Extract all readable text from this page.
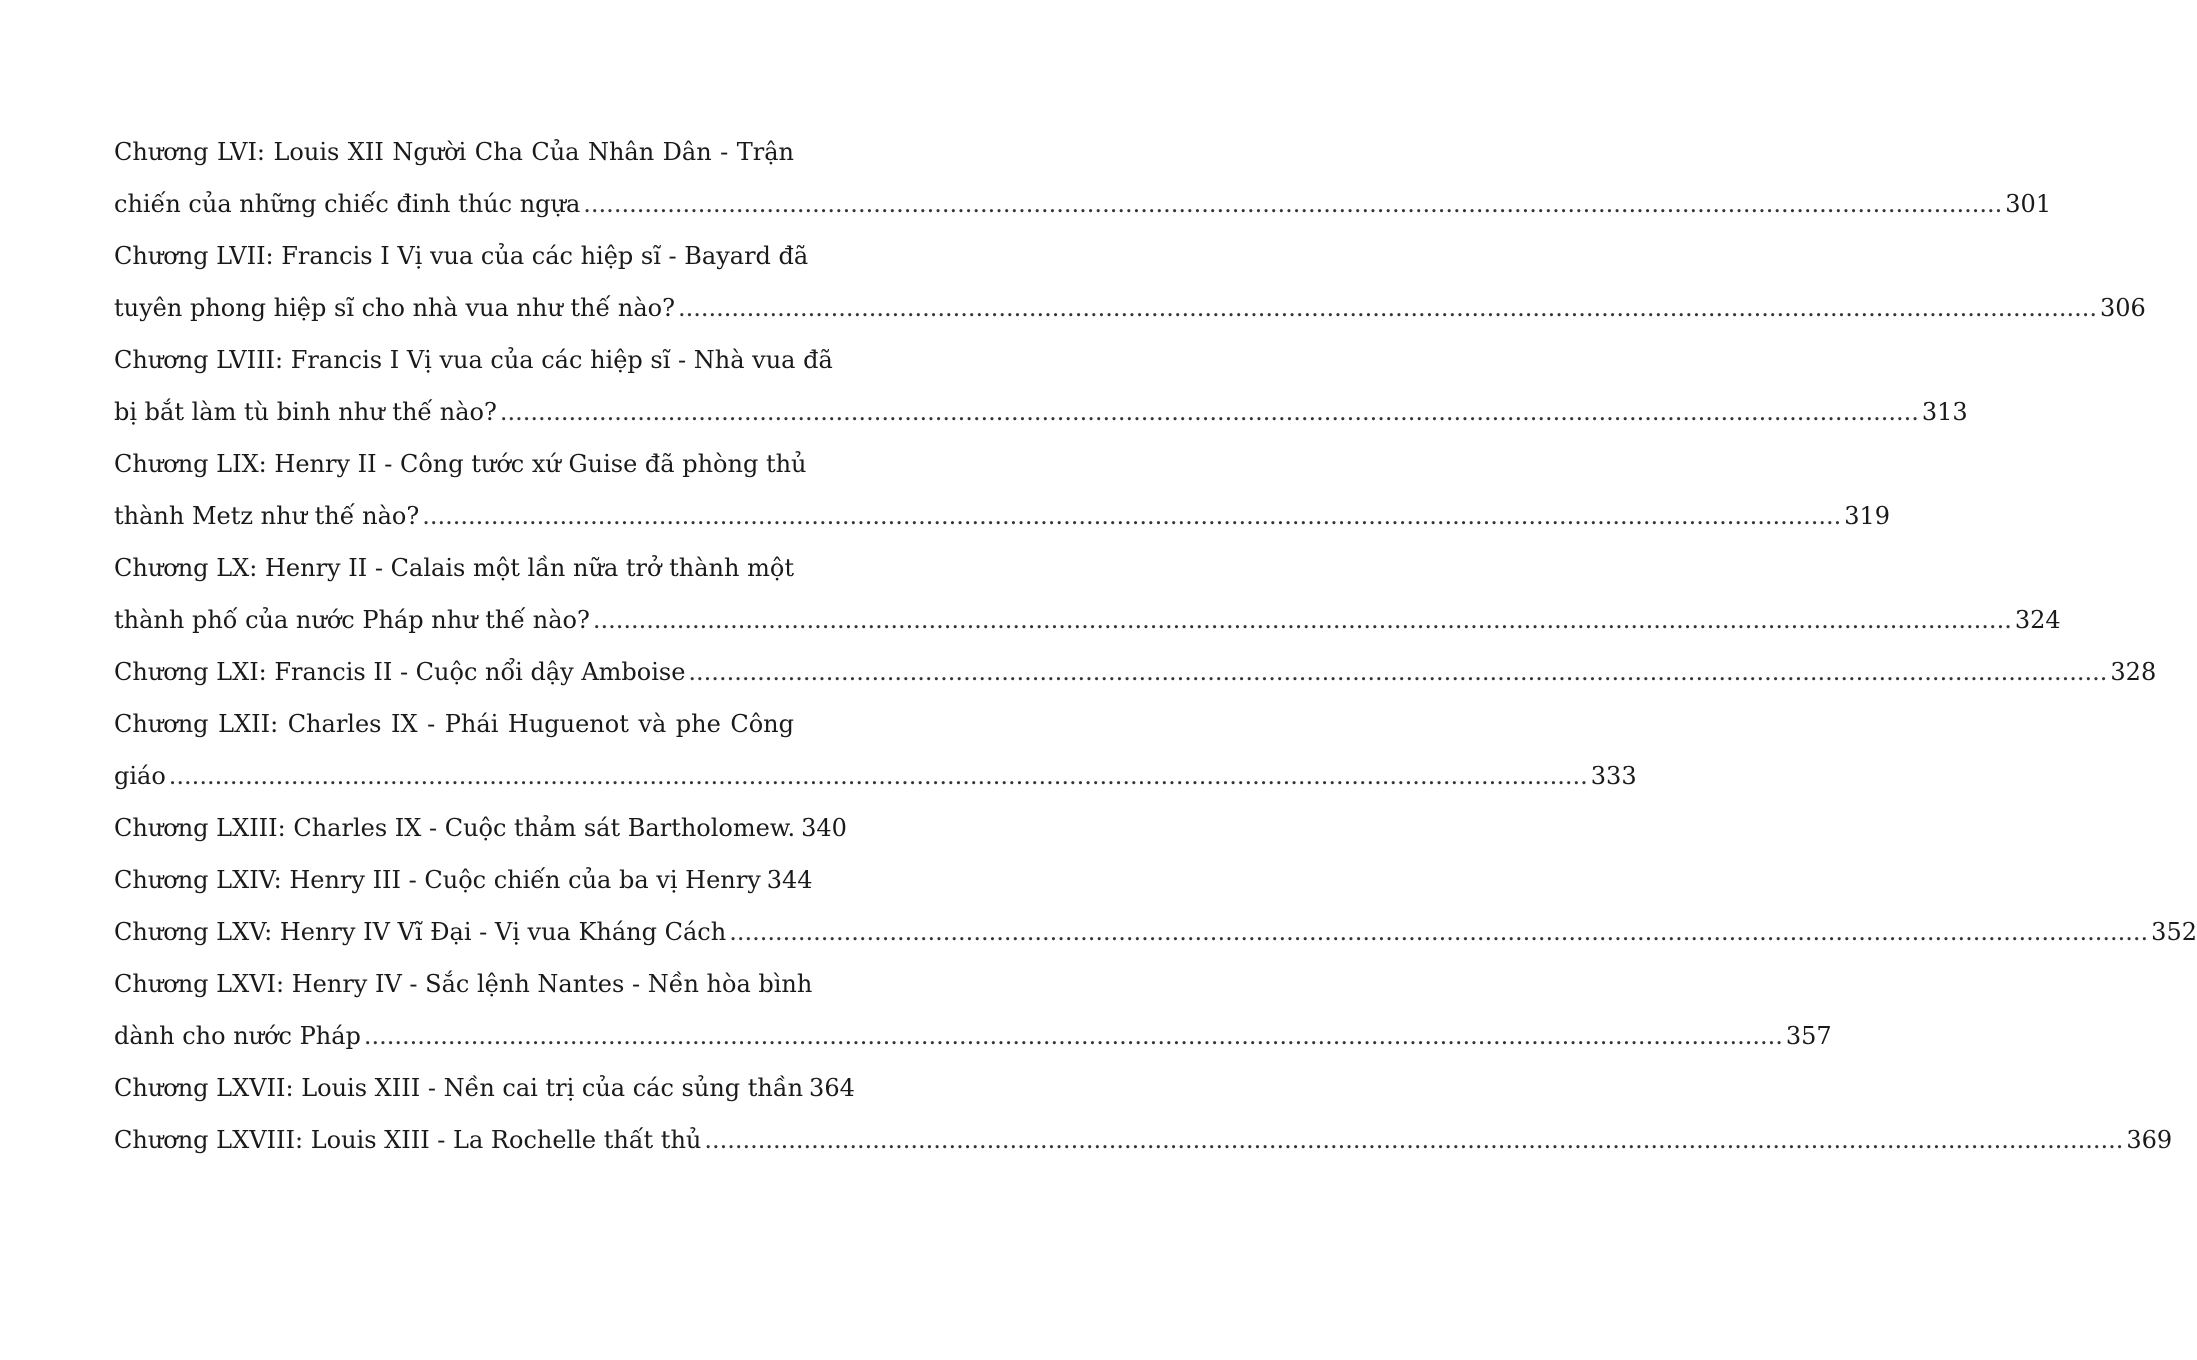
Chương LVI: Louis XII Người Cha Của Nhân Dân - Trận
chiến của những chiếc đinh thúc ngựa .....	301
Chương LVII: Francis I Vị vua của các hiệp sĩ - Bayard đã
tuyên phong hiệp sĩ cho nhà vua như thế nào? .....	306
Chương LVIII: Francis I Vị vua của các hiệp sĩ - Nhà vua đã
bị bắt làm tù binh như thế nào? .....	313
Chương LIX: Henry II - Công tước xứ Guise đã phòng thủ
thành Metz như thế nào? .....	319
Chương LX: Henry II - Calais một lần nữa trở thành một
thành phố của nước Pháp như thế nào? .....	324
Chương LXI: Francis II - Cuộc nổi dậy Amboise .....	328
Chương LXII: Charles IX - Phái Huguenot và phe Công
giáo .....	333
Chương LXIII: Charles IX - Cuộc thảm sát Bartholomew. 340
Chương LXIV: Henry III - Cuộc chiến của ba vị Henry 344
Chương LXV: Henry IV Vĩ Đại - Vị vua Kháng Cách .....	352
Chương LXVI: Henry IV - Sắc lệnh Nantes - Nền hòa bình
dành cho nước Pháp .....	357
Chương LXVII: Louis XIII - Nền cai trị của các sủng thần 364
Chương LXVIII: Louis XIII - La Rochelle thất thủ .....	369
